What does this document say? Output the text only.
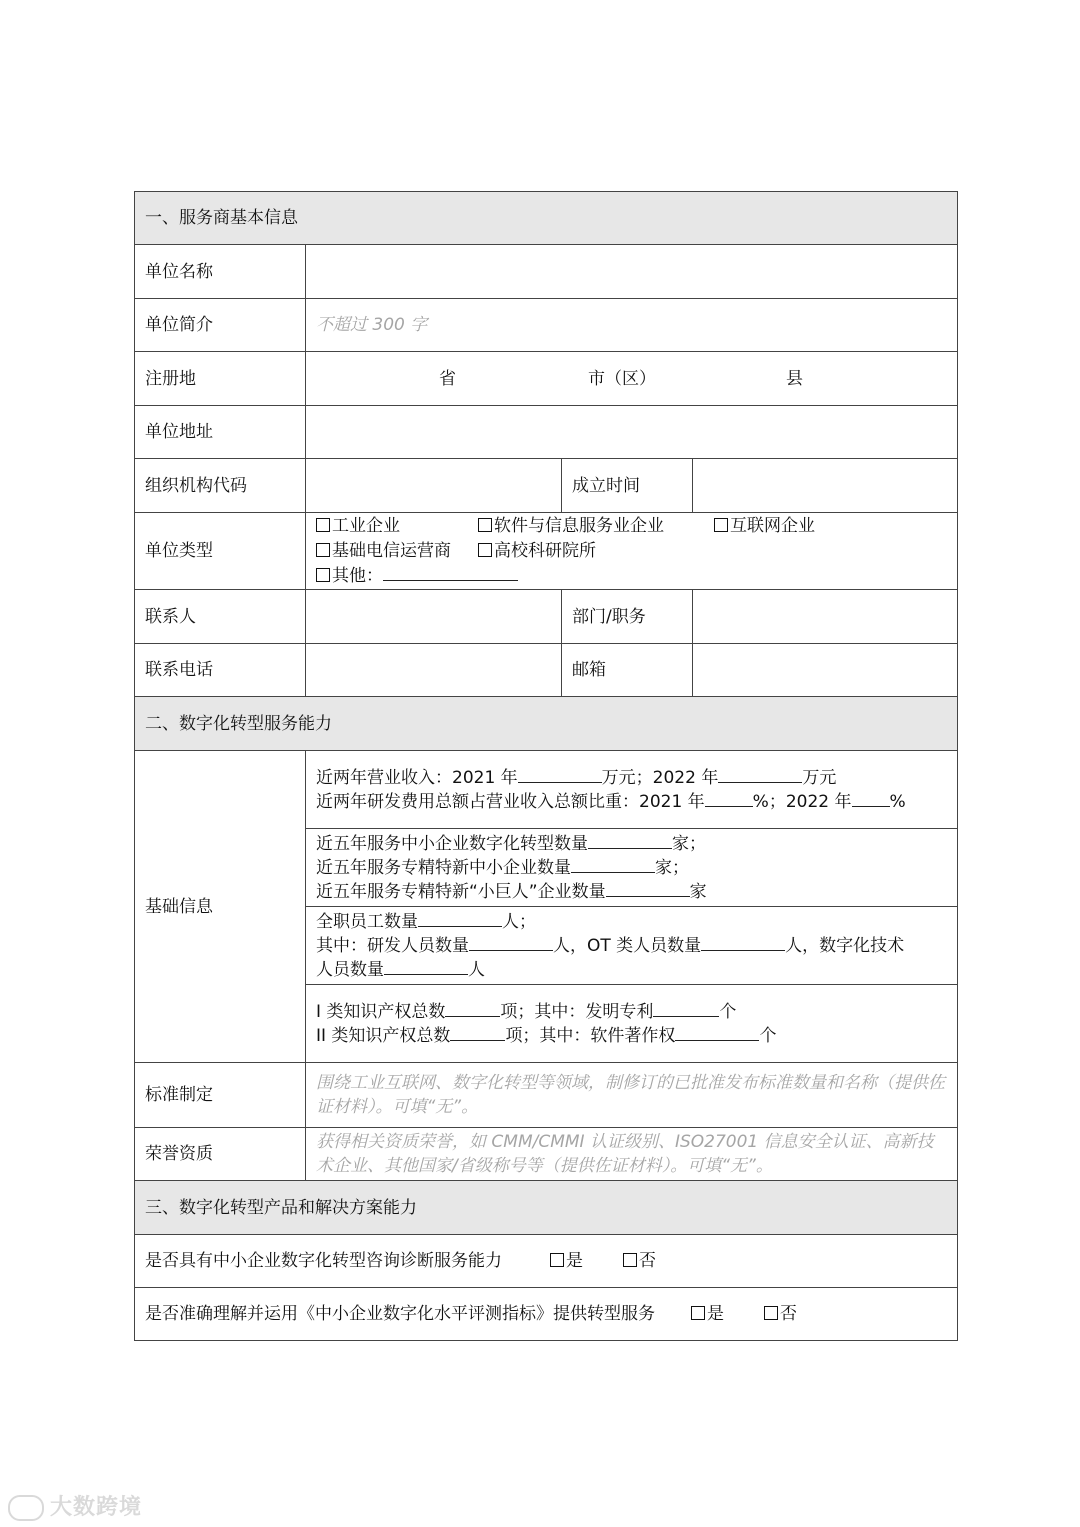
一、服务商基本信息			
单位名称			
单位简介	不超过 300 字		
注册地	省 市（区） 县		
单位地址			
组织机构代码		成立时间	
单位类型	工业企业 软件与信息服务业企业 互联网企业
基础电信运营商 高校科研院所
其他：		
联系人		部门/职务	
联系电话		邮箱	
二、数字化转型服务能力			
基础信息	近两年营业收入：2021 年 万元；2022 年 万元
近两年研发费用总额占营业收入总额比重：2021 年 %；2022 年 %		

	近五年服务中小企业数字化转型数量 家；
近五年服务专精特新中小企业数量 家；
近五年服务专精特新“小巨人”企业数量 家		

	全职员工数量 人；
其中：研发人员数量 人，OT 类人员数量 人，数字化技术
人员数量 人		

	I 类知识产权总数 项；其中：发明专利 个
II 类知识产权总数 项；其中：软件著作权 个		

标准制定	围绕工业互联网、数字化转型等领域，制修订的已批准发布标准数量和名称（提供佐证材料）。可填“无”。		
荣誉资质	获得相关资质荣誉，如 CMM/CMMI 认证级别、ISO27001 信息安全认证、高新技术企业、其他国家/省级称号等（提供佐证材料）。可填“无”。		
三、数字化转型产品和解决方案能力			
是否具有中小企业数字化转型咨询诊断服务能力 是 否			
是否准确理解并运用《中小企业数字化水平评测指标》提供转型服务 是 否			
大数跨境
